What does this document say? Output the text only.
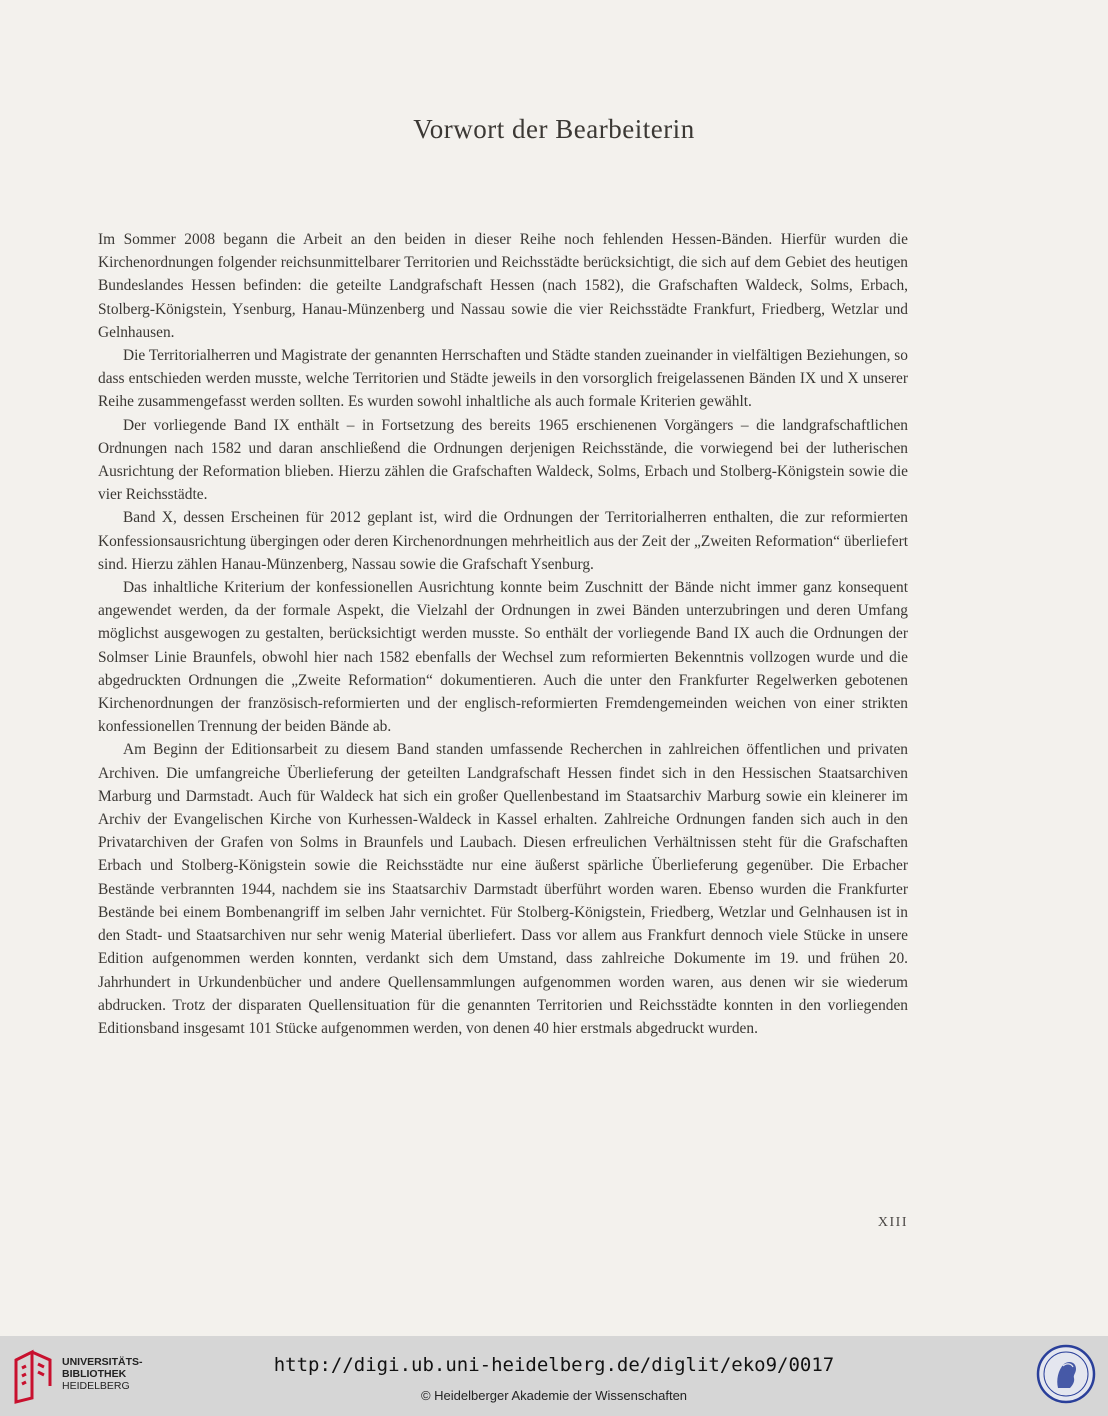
Vorwort der Bearbeiterin

Im Sommer 2008 begann die Arbeit an den beiden in dieser Reihe noch fehlenden Hessen-Bänden. Hierfür wurden die Kirchenordnungen folgender reichsunmittelbarer Territorien und Reichsstädte berücksichtigt, die sich auf dem Gebiet des heutigen Bundeslandes Hessen befinden: die geteilte Landgrafschaft Hessen (nach 1582), die Grafschaften Waldeck, Solms, Erbach, Stolberg-Königstein, Ysenburg, Hanau-Münzenberg und Nassau sowie die vier Reichsstädte Frankfurt, Friedberg, Wetzlar und Gelnhausen.

Die Territorialherren und Magistrate der genannten Herrschaften und Städte standen zueinander in vielfältigen Beziehungen, so dass entschieden werden musste, welche Territorien und Städte jeweils in den vorsorglich freigelassenen Bänden IX und X unserer Reihe zusammengefasst werden sollten. Es wurden sowohl inhaltliche als auch formale Kriterien gewählt.

Der vorliegende Band IX enthält – in Fortsetzung des bereits 1965 erschienenen Vorgängers – die landgrafschaftlichen Ordnungen nach 1582 und daran anschließend die Ordnungen derjenigen Reichsstände, die vorwiegend bei der lutherischen Ausrichtung der Reformation blieben. Hierzu zählen die Grafschaften Waldeck, Solms, Erbach und Stolberg-Königstein sowie die vier Reichsstädte.

Band X, dessen Erscheinen für 2012 geplant ist, wird die Ordnungen der Territorialherren enthalten, die zur reformierten Konfessionsausrichtung übergingen oder deren Kirchenordnungen mehrheitlich aus der Zeit der „Zweiten Reformation“ überliefert sind. Hierzu zählen Hanau-Münzenberg, Nassau sowie die Grafschaft Ysenburg.

Das inhaltliche Kriterium der konfessionellen Ausrichtung konnte beim Zuschnitt der Bände nicht immer ganz konsequent angewendet werden, da der formale Aspekt, die Vielzahl der Ordnungen in zwei Bänden unterzubringen und deren Umfang möglichst ausgewogen zu gestalten, berücksichtigt werden musste. So enthält der vorliegende Band IX auch die Ordnungen der Solmser Linie Braunfels, obwohl hier nach 1582 ebenfalls der Wechsel zum reformierten Bekenntnis vollzogen wurde und die abgedruckten Ordnungen die „Zweite Reformation“ dokumentieren. Auch die unter den Frankfurter Regelwerken gebotenen Kirchenordnungen der französisch-reformierten und der englisch-reformierten Fremdengemeinden weichen von einer strikten konfessionellen Trennung der beiden Bände ab.

Am Beginn der Editionsarbeit zu diesem Band standen umfassende Recherchen in zahlreichen öffentlichen und privaten Archiven. Die umfangreiche Überlieferung der geteilten Landgrafschaft Hessen findet sich in den Hessischen Staatsarchiven Marburg und Darmstadt. Auch für Waldeck hat sich ein großer Quellenbestand im Staatsarchiv Marburg sowie ein kleinerer im Archiv der Evangelischen Kirche von Kurhessen-Waldeck in Kassel erhalten. Zahlreiche Ordnungen fanden sich auch in den Privatarchiven der Grafen von Solms in Braunfels und Laubach. Diesen erfreulichen Verhältnissen steht für die Grafschaften Erbach und Stolberg-Königstein sowie die Reichsstädte nur eine äußerst spärliche Überlieferung gegenüber. Die Erbacher Bestände verbrannten 1944, nachdem sie ins Staatsarchiv Darmstadt überführt worden waren. Ebenso wurden die Frankfurter Bestände bei einem Bombenangriff im selben Jahr vernichtet. Für Stolberg-Königstein, Friedberg, Wetzlar und Gelnhausen ist in den Stadt- und Staatsarchiven nur sehr wenig Material überliefert. Dass vor allem aus Frankfurt dennoch viele Stücke in unsere Edition aufgenommen werden konnten, verdankt sich dem Umstand, dass zahlreiche Dokumente im 19. und frühen 20. Jahrhundert in Urkundenbücher und andere Quellensammlungen aufgenommen worden waren, aus denen wir sie wiederum abdrucken. Trotz der disparaten Quellensituation für die genannten Territorien und Reichsstädte konnten in den vorliegenden Editionsband insgesamt 101 Stücke aufgenommen werden, von denen 40 hier erstmals abgedruckt wurden.

XIII
UNIVERSITÄTS-
BIBLIOTHEK
HEIDELBERG
http://digi.ub.uni-heidelberg.de/diglit/eko9/0017
© Heidelberger Akademie der Wissenschaften
